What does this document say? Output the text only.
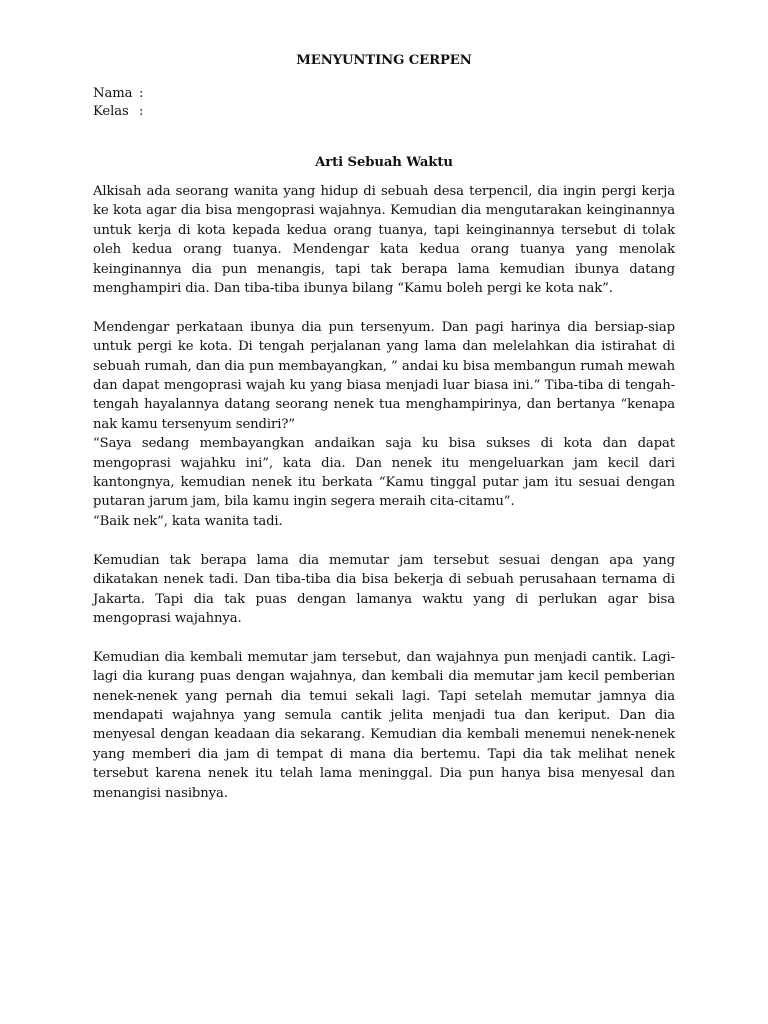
MENYUNTING CERPEN
Nama :
Kelas :
Arti Sebuah Waktu

Alkisah ada seorang wanita yang hidup di sebuah desa terpencil, dia ingin pergi kerja ke kota agar dia bisa mengoprasi wajahnya. Kemudian dia mengutarakan keinginannya untuk kerja di kota kepada kedua orang tuanya, tapi keinginannya tersebut di tolak oleh kedua orang tuanya. Mendengar kata kedua orang tuanya yang menolak keinginannya dia pun menangis, tapi tak berapa lama kemudian ibunya datang menghampiri dia. Dan tiba-tiba ibunya bilang “Kamu boleh pergi ke kota nak”.

Mendengar perkataan ibunya dia pun tersenyum. Dan pagi harinya dia bersiap-siap untuk pergi ke kota. Di tengah perjalanan yang lama dan melelahkan dia istirahat di sebuah rumah, dan dia pun membayangkan, ” andai ku bisa membangun rumah mewah dan dapat mengoprasi wajah ku yang biasa menjadi luar biasa ini.” Tiba-tiba di tengah-tengah hayalannya datang seorang nenek tua menghampirinya, dan bertanya “kenapa nak kamu tersenyum sendiri?”

“Saya sedang membayangkan andaikan saja ku bisa sukses di kota dan dapat mengoprasi wajahku ini”, kata dia. Dan nenek itu mengeluarkan jam kecil dari kantongnya, kemudian nenek itu berkata “Kamu tinggal putar jam itu sesuai dengan putaran jarum jam, bila kamu ingin segera meraih cita-citamu”.

“Baik nek”, kata wanita tadi.

Kemudian tak berapa lama dia memutar jam tersebut sesuai dengan apa yang dikatakan nenek tadi. Dan tiba-tiba dia bisa bekerja di sebuah perusahaan ternama di Jakarta. Tapi dia tak puas dengan lamanya waktu yang di perlukan agar bisa mengoprasi wajahnya.

Kemudian dia kembali memutar jam tersebut, dan wajahnya pun menjadi cantik. Lagi-lagi dia kurang puas dengan wajahnya, dan kembali dia memutar jam kecil pemberian nenek-nenek yang pernah dia temui sekali lagi. Tapi setelah memutar jamnya dia mendapati wajahnya yang semula cantik jelita menjadi tua dan keriput. Dan dia menyesal dengan keadaan dia sekarang. Kemudian dia kembali menemui nenek-nenek yang memberi dia jam di tempat di mana dia bertemu. Tapi dia tak melihat nenek tersebut karena nenek itu telah lama meninggal. Dia pun hanya bisa menyesal dan menangisi nasibnya.
